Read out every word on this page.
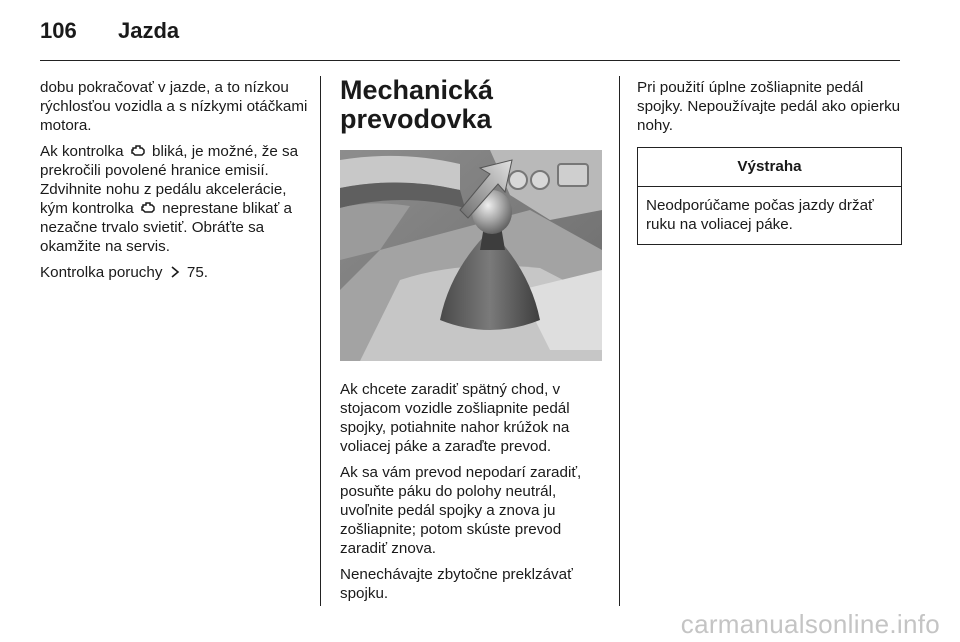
106	Jazda

dobu pokračovať v jazde, a to nízkou rýchlosťou vozidla a s nízkymi otáčkami motora.

Ak kontrolka bliká, je možné, že sa prekročili povolené hranice emisií. Zdvihnite nohu z pedálu akcelerácie, kým kontrolka neprestane blikať a nezačne trvalo svietiť. Obráťte sa okamžite na servis.

Kontrolka poruchy 75.

Mechanická
prevodovka

Ak chcete zaradiť spätný chod, v stojacom vozidle zošliapnite pedál spojky, potiahnite nahor krúžok na voliacej páke a zaraďte prevod.

Ak sa vám prevod nepodarí zaradiť, posuňte páku do polohy neutrál, uvoľnite pedál spojky a znova ju zošliapnite; potom skúste prevod zaradiť znova.

Nenechávajte zbytočne preklzávať spojku.

Pri použití úplne zošliapnite pedál spojky. Nepoužívajte pedál ako opierku nohy.

Výstraha
Neodporúčame počas jazdy držať ruku na voliacej páke.
carmanualsonline.info
